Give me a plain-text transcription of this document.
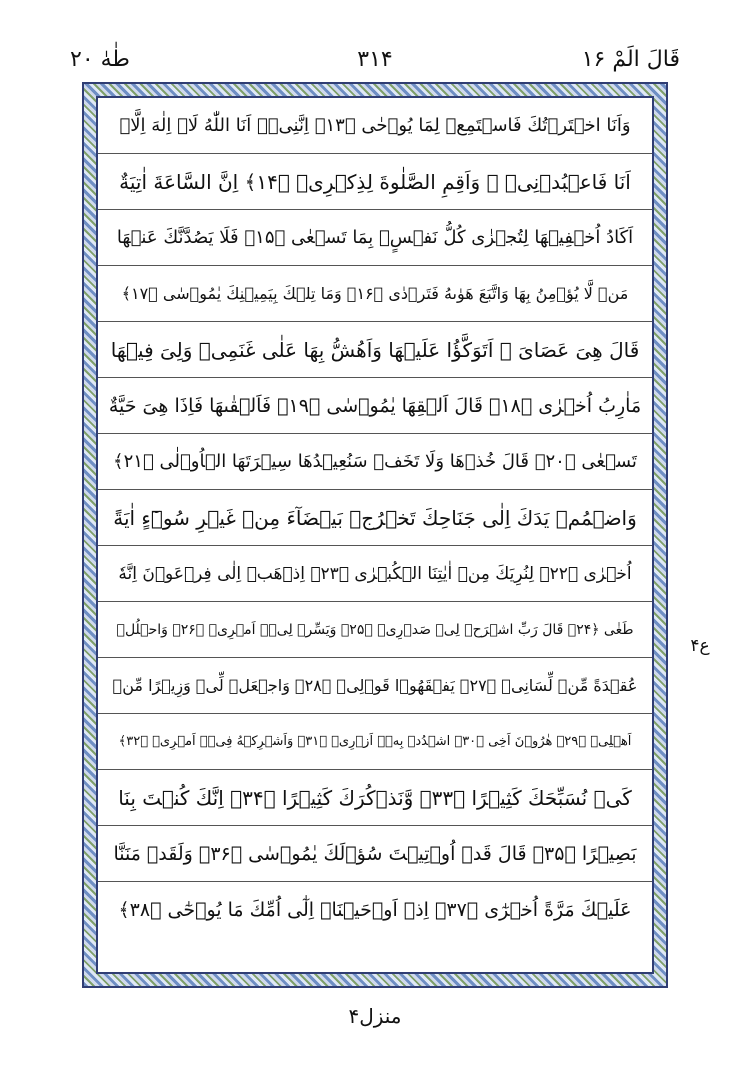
قَالَ الَمْ ۱۶
۳۱۴
طٰهٰ ۲۰
وَاَنَا اخۡتَرۡتُكَ فَاسۡتَمِعۡ لِمَا يُوۡحٰى ﴿۱۳﴾ اِنَّنِىۡۤ اَنَا اللّٰهُ لَاۤ اِلٰهَ اِلَّاۤ
اَنَا فَاعۡبُدۡنِىۡ ۙ وَاَقِمِ الصَّلٰوةَ لِذِكۡرِىۡ ﴿۱۴﴾ اِنَّ السَّاعَةَ اٰتِيَةٌ
اَكَادُ اُخۡفِيۡهَا لِتُجۡزٰى كُلُّ نَفۡسٍۢ بِمَا تَسۡعٰى ﴿۱۵﴾ فَلَا يَصُدَّنَّكَ عَنۡهَا
مَنۡ لَّا يُؤۡمِنُ بِهَا وَاتَّبَعَ هَوٰٮهُ فَتَرۡدٰى ﴿۱۶﴾ وَمَا تِلۡكَ بِيَمِيۡنِكَ يٰمُوۡسٰى ﴿۱۷﴾
قَالَ هِىَ عَصَاىَ ۚ اَتَوَكَّؤُا عَلَيۡهَا وَاَهُشُّ بِهَا عَلٰى غَنَمِىۡ وَلِىَ فِيۡهَا
مَاٰرِبُ اُخۡرٰى ﴿۱۸﴾ قَالَ اَلۡقِهَا يٰمُوۡسٰى ﴿۱۹﴾ فَاَلۡقٰٮهَا فَاِذَا هِىَ حَيَّةٌ
تَسۡعٰى ﴿۲۰﴾ قَالَ خُذۡهَا وَلَا تَخَفۡ سَنُعِيۡدُهَا سِيۡرَتَهَا الۡاُوۡلٰى ﴿۲۱﴾
وَاضۡمُمۡ يَدَكَ اِلٰى جَنَاحِكَ تَخۡرُجۡ بَيۡضَآءَ مِنۡ غَيۡرِ سُوۡٓءٍ اٰيَةً
اُخۡرٰى ﴿۲۲﴾ لِنُرِيَكَ مِنۡ اٰيٰتِنَا الۡكُبۡرٰى ﴿۲۳﴾ اِذۡهَبۡ اِلٰى فِرۡعَوۡنَ اِنَّهٗ
طَغٰى ﴿۲۴﴾ قَالَ رَبِّ اشۡرَحۡ لِىۡ صَدۡرِىۡ ﴿۲۵﴾ وَيَسِّرۡ لِىۡۤ اَمۡرِىۡ ﴿۲۶﴾ وَاحۡلُلۡ
عُقۡدَةً مِّنۡ لِّسَانِىۡ ﴿۲۷﴾ يَفۡقَهُوۡا قَوۡلِىۡ ﴿۲۸﴾ وَاجۡعَلۡ لِّىۡ وَزِيۡرًا مِّنۡ
اَهۡلِىۡ ﴿۲۹﴾ هٰرُوۡنَ اَخِى ﴿۳۰﴾ اشۡدُدۡ بِهٖۤ اَزۡرِىۡ ﴿۳۱﴾ وَاَشۡرِكۡهُ فِىۡۤ اَمۡرِىۡ ﴿۳۲﴾
كَىۡ نُسَبِّحَكَ كَثِيۡرًا ﴿۳۳﴾ وَّنَذۡكُرَكَ كَثِيۡرًا ﴿۳۴﴾ اِنَّكَ كُنۡتَ بِنَا
بَصِيۡرًا ﴿۳۵﴾ قَالَ قَدۡ اُوۡتِيۡتَ سُؤۡلَكَ يٰمُوۡسٰى ﴿۳۶﴾ وَلَقَدۡ مَنَنَّا
عَلَيۡكَ مَرَّةً اُخۡرٰٓى ﴿۳۷﴾ اِذۡ اَوۡحَيۡنَاۤ اِلٰٓى اُمِّكَ مَا يُوۡحٰٓى ﴿۳۸﴾
ع۴
منزل۴
